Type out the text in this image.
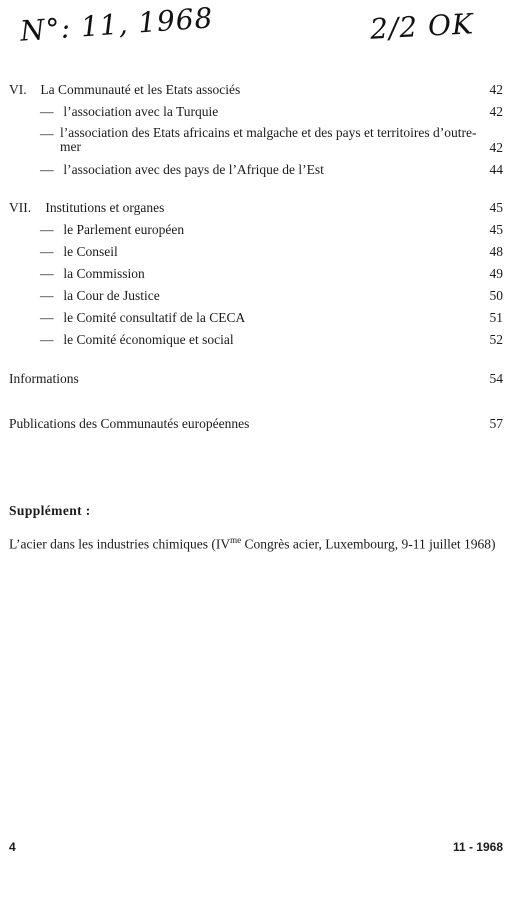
N°: 11, 1968	2/2 OK
VI. La Communauté et les Etats associés	42
— l’association avec la Turquie	42
— l’association des Etats africains et malgache et des pays et territoires d’outre-mer	42
— l’association avec des pays de l’Afrique de l’Est	44
VII. Institutions et organes	45
— le Parlement européen	45
— le Conseil	48
— la Commission	49
— la Cour de Justice	50
— le Comité consultatif de la CECA	51
— le Comité économique et social	52
Informations	54
Publications des Communautés européennes	57
Supplément :
L’acier dans les industries chimiques ($IV^{me}$ Congrès acier, Luxembourg, 9-11 juillet 1968)
4	11 - 1968
